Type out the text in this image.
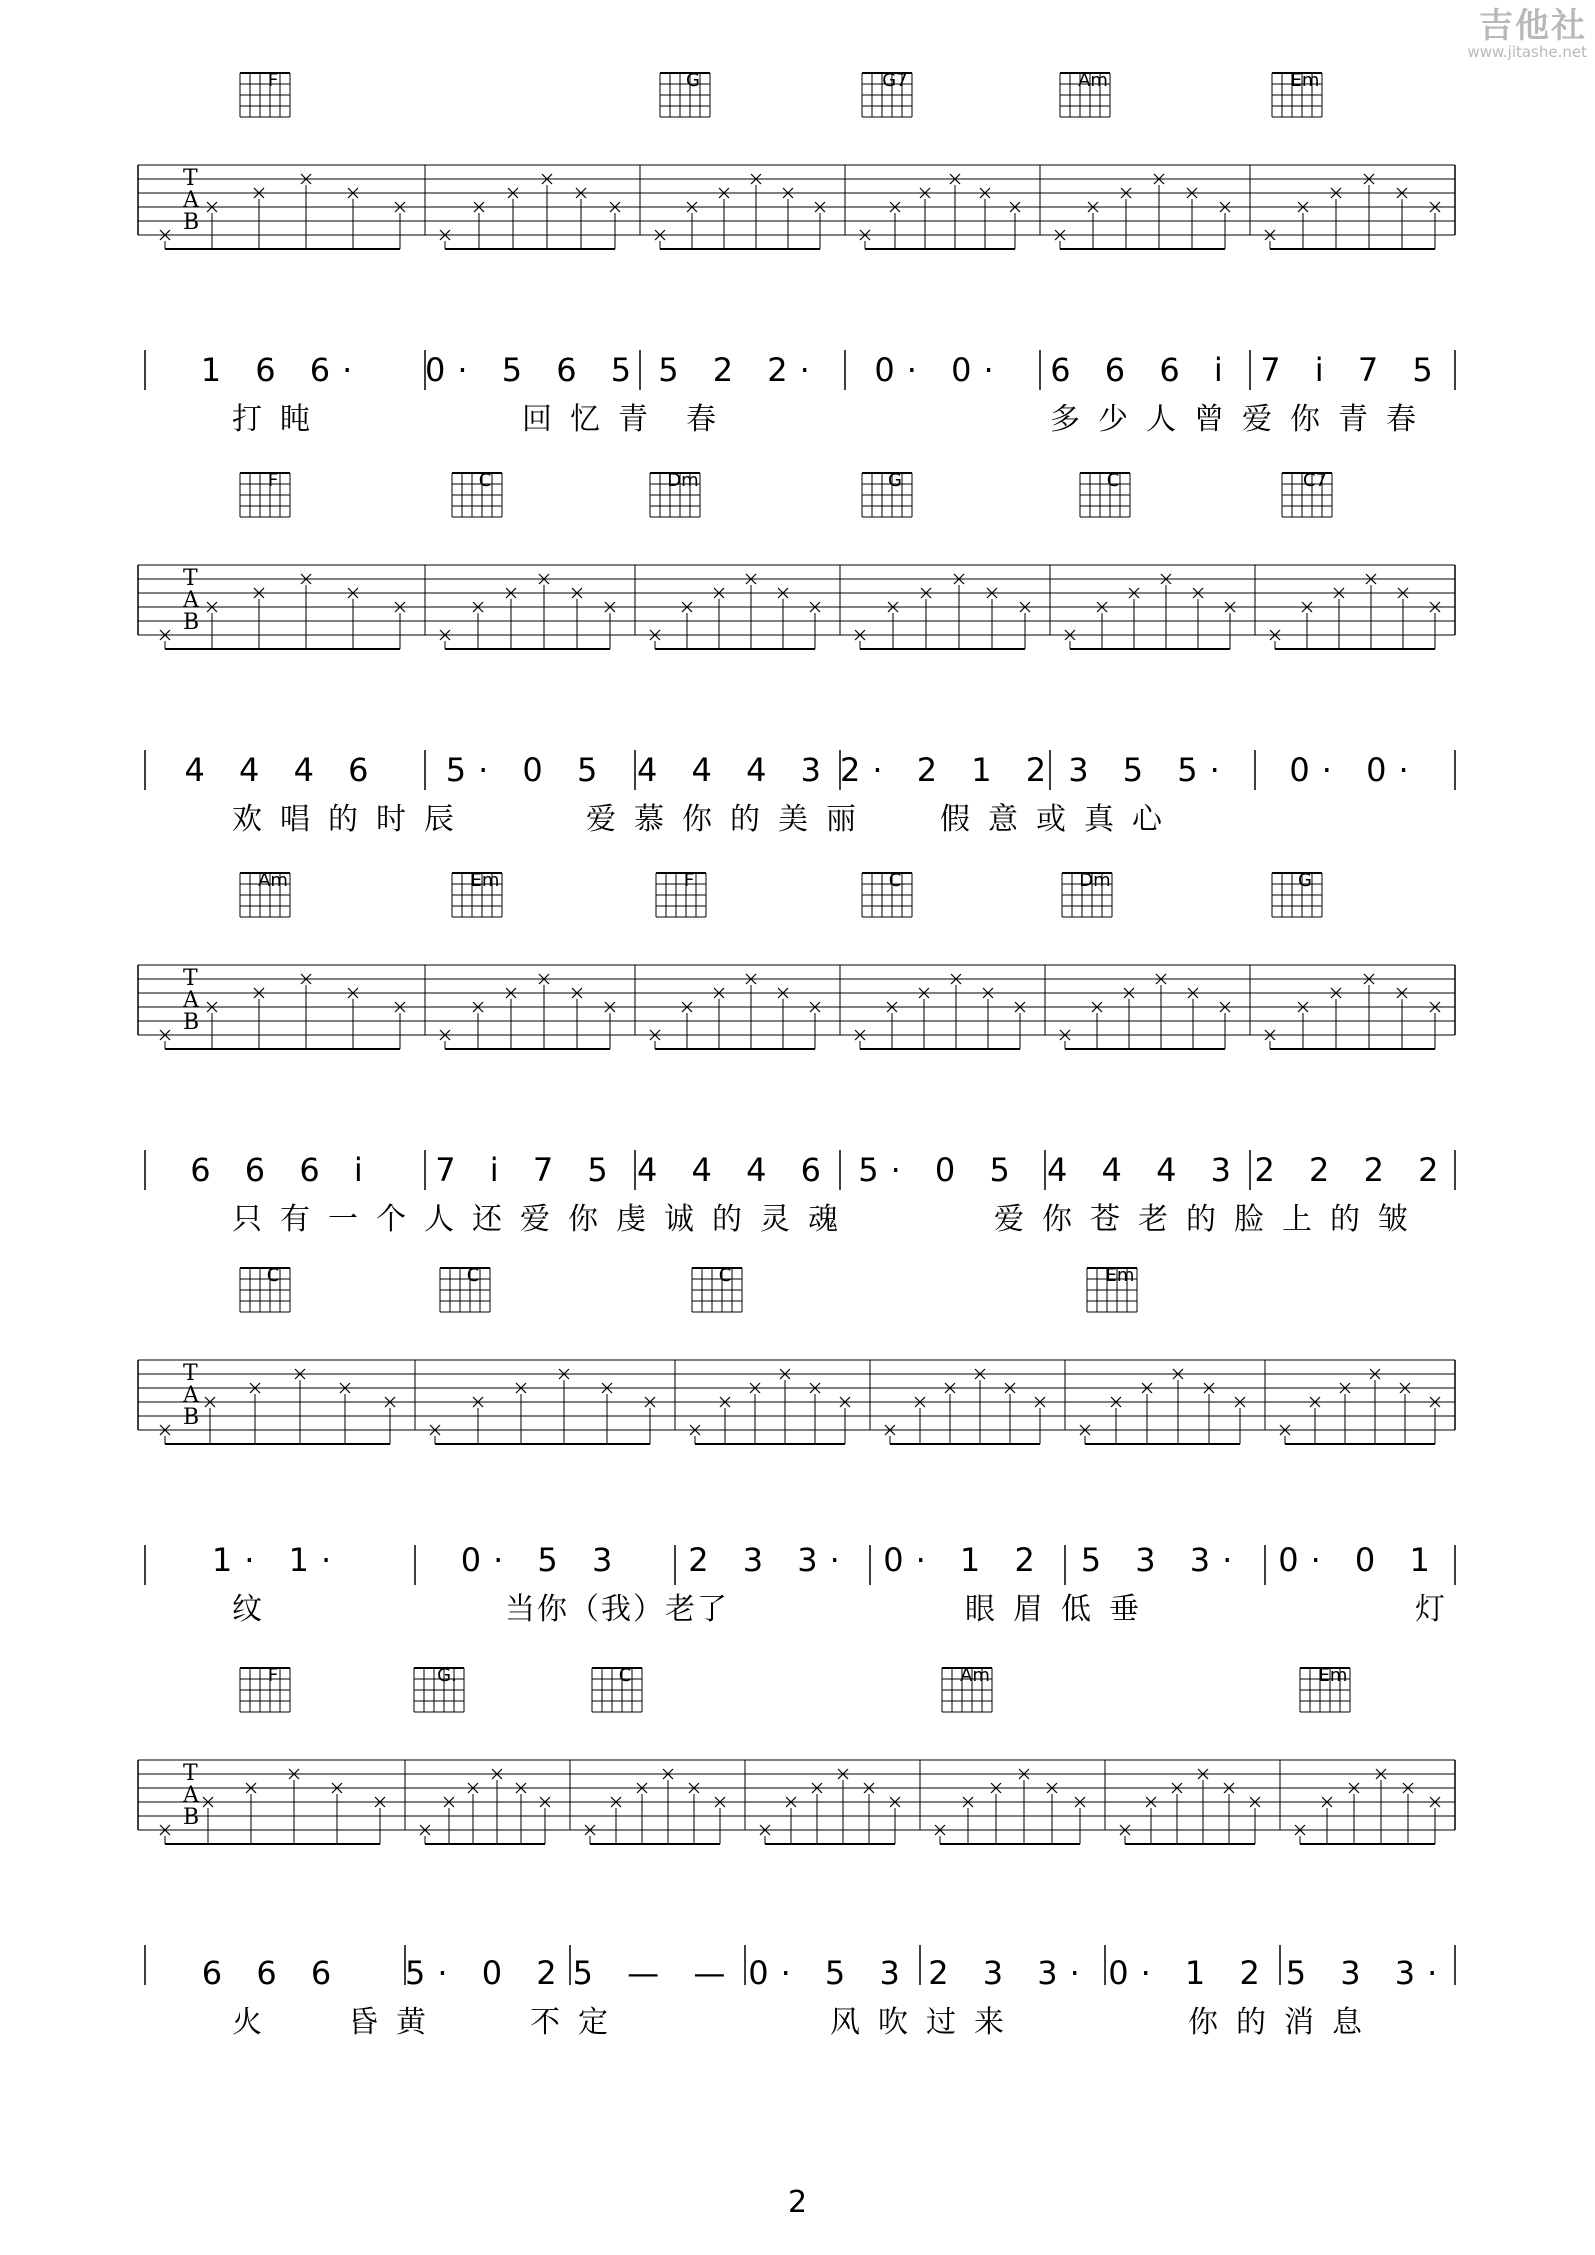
吉他社
www.jitashe.net
T
A
B
F	G	G7	Am	Em
1 6 6·	0· 5 6 5 5 2 2·	0· 0·	6 6 6 i 7 i 7 5
打盹	回忆青 春	多少人曾爱你青春
T
A
B
F	C	Dm	G	C	C7
4 4 4 6	5· 0 5 4 4 4 3 2· 2 1 2 3 5 5·	0· 0·
欢唱的时辰	爱慕你的美丽 假意或真心
T
A
B
Am	Em	F	C	Dm	G
6 6 6 i	7 i 7 5 4 4 4 6 5· 0 5 4 4 4 3 2 2 2 2
只有一个人还爱你虔诚的灵魂	爱你苍老的脸上的皱
T
A
B
C	C	C	Em
1· 1·	0· 5 3	2 3 3· 0· 1 2	5 3 3·	0· 0 1
纹	当你（我）老了	眼眉低垂	灯
T
A
B
F	G.	C	Am	Em
6 6 6	5· 0 2 5 — — 0· 5 3 2 3 3· 0· 1 2 5 3 3·
火 昏黄	不定	风吹过来	你的消息
2
